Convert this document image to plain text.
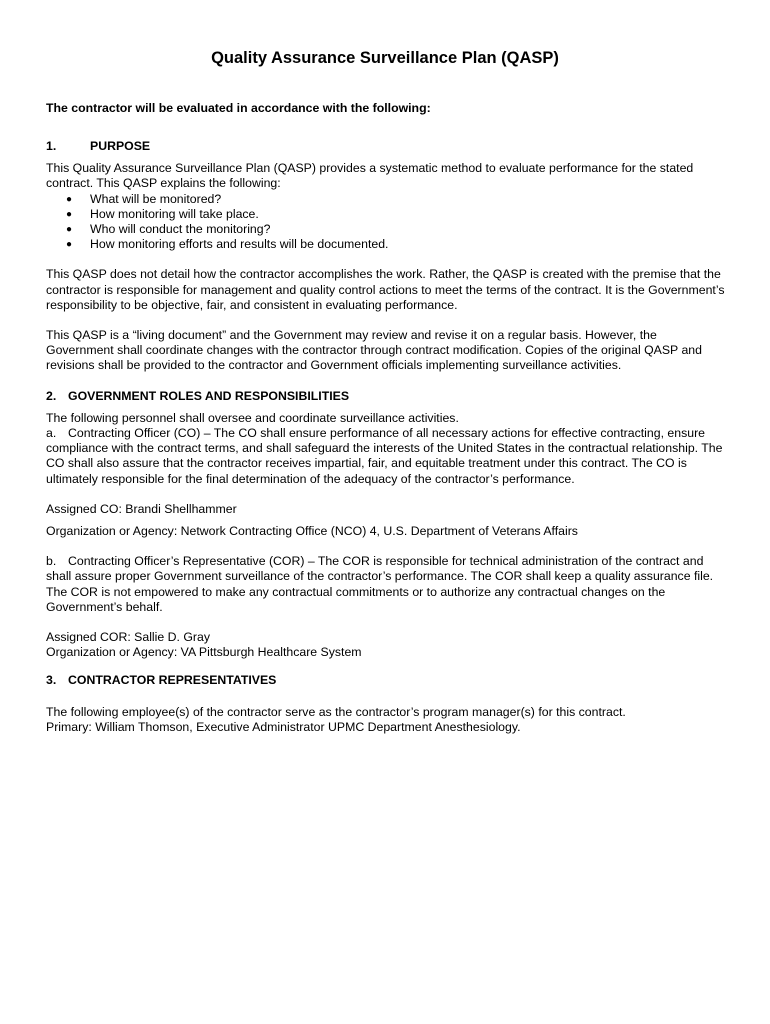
Quality Assurance Surveillance Plan (QASP)
The contractor will be evaluated in accordance with the following:
1.	PURPOSE

This Quality Assurance Surveillance Plan (QASP) provides a systematic method to evaluate performance for the stated contract. This QASP explains the following:

● What will be monitored?
● How monitoring will take place.
● Who will conduct the monitoring?
● How monitoring efforts and results will be documented.

This QASP does not detail how the contractor accomplishes the work. Rather, the QASP is created with the premise that the contractor is responsible for management and quality control actions to meet the terms of the contract. It is the Government’s responsibility to be objective, fair, and consistent in evaluating performance.

This QASP is a “living document” and the Government may review and revise it on a regular basis. However, the Government shall coordinate changes with the contractor through contract modification. Copies of the original QASP and revisions shall be provided to the contractor and Government officials implementing surveillance activities.

2. GOVERNMENT ROLES AND RESPONSIBILITIES

The following personnel shall oversee and coordinate surveillance activities.

a. Contracting Officer (CO) – The CO shall ensure performance of all necessary actions for effective contracting, ensure compliance with the contract terms, and shall safeguard the interests of the United States in the contractual relationship. The CO shall also assure that the contractor receives impartial, fair, and equitable treatment under this contract. The CO is ultimately responsible for the final determination of the adequacy of the contractor’s performance.

Assigned CO: Brandi Shellhammer

Organization or Agency: Network Contracting Office (NCO) 4, U.S. Department of Veterans Affairs

b. Contracting Officer’s Representative (COR) – The COR is responsible for technical administration of the contract and shall assure proper Government surveillance of the contractor’s performance. The COR shall keep a quality assurance file. The COR is not empowered to make any contractual commitments or to authorize any contractual changes on the Government’s behalf.

Assigned COR: Sallie D. Gray

Organization or Agency: VA Pittsburgh Healthcare System

3. CONTRACTOR REPRESENTATIVES

The following employee(s) of the contractor serve as the contractor’s program manager(s) for this contract.

Primary: William Thomson, Executive Administrator UPMC Department Anesthesiology.
